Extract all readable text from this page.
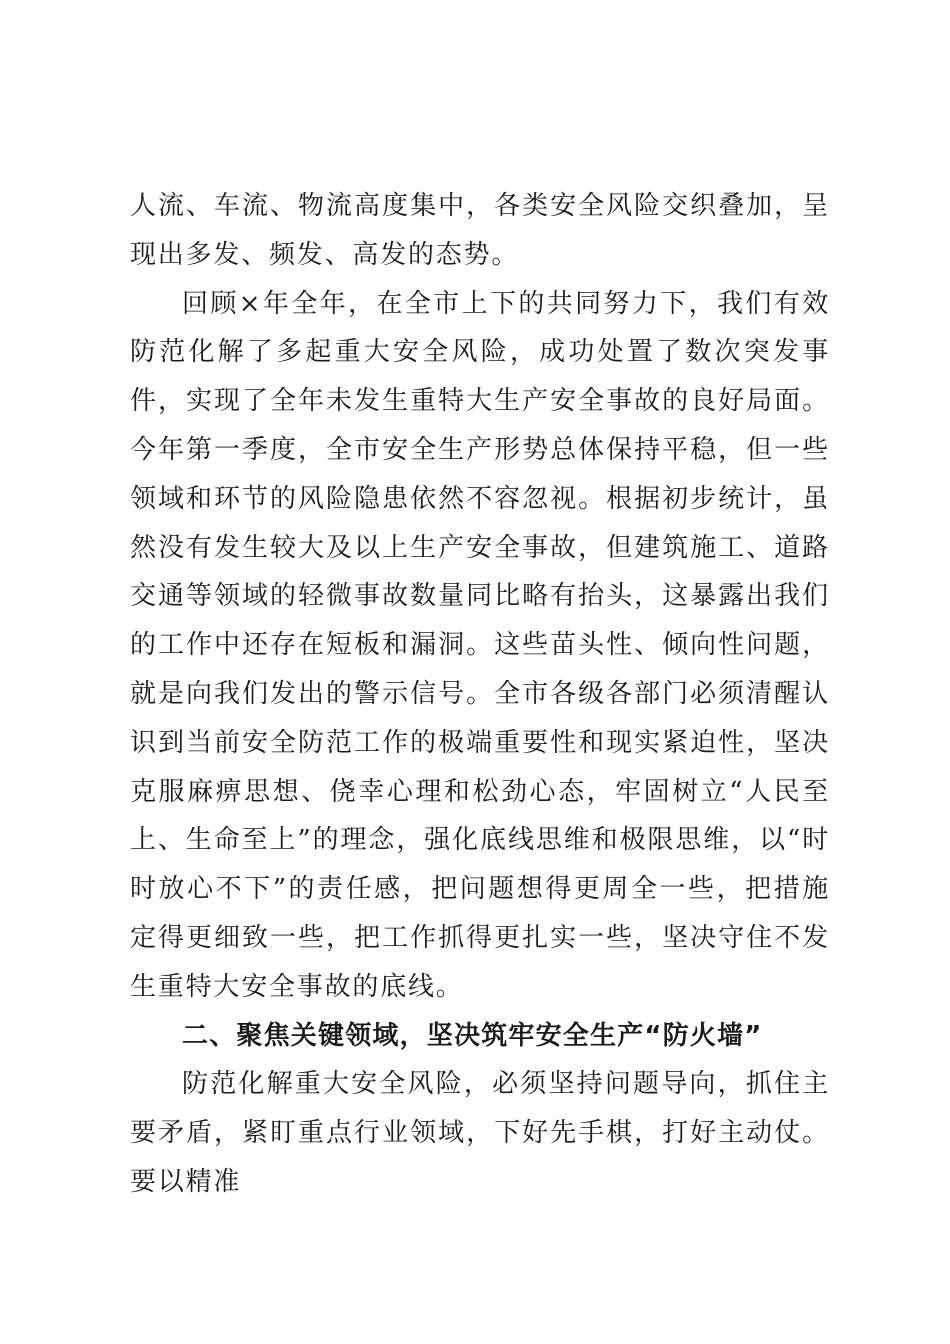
人流、车流、物流高度集中，各类安全风险交织叠加，呈现出多发、频发、高发的态势。

回顾×年全年，在全市上下的共同努力下，我们有效防范化解了多起重大安全风险，成功处置了数次突发事件，实现了全年未发生重特大生产安全事故的良好局面。今年第一季度，全市安全生产形势总体保持平稳，但一些领域和环节的风险隐患依然不容忽视。根据初步统计，虽然没有发生较大及以上生产安全事故，但建筑施工、道路交通等领域的轻微事故数量同比略有抬头，这暴露出我们的工作中还存在短板和漏洞。这些苗头性、倾向性问题，就是向我们发出的警示信号。全市各级各部门必须清醒认识到当前安全防范工作的极端重要性和现实紧迫性，坚决克服麻痹思想、侥幸心理和松劲心态，牢固树立“人民至上、生命至上”的理念，强化底线思维和极限思维，以“时时放心不下”的责任感，把问题想得更周全一些，把措施定得更细致一些，把工作抓得更扎实一些，坚决守住不发生重特大安全事故的底线。

二、聚焦关键领域，坚决筑牢安全生产“防火墙”

防范化解重大安全风险，必须坚持问题导向，抓住主要矛盾，紧盯重点行业领域，下好先手棋，打好主动仗。要以精准
